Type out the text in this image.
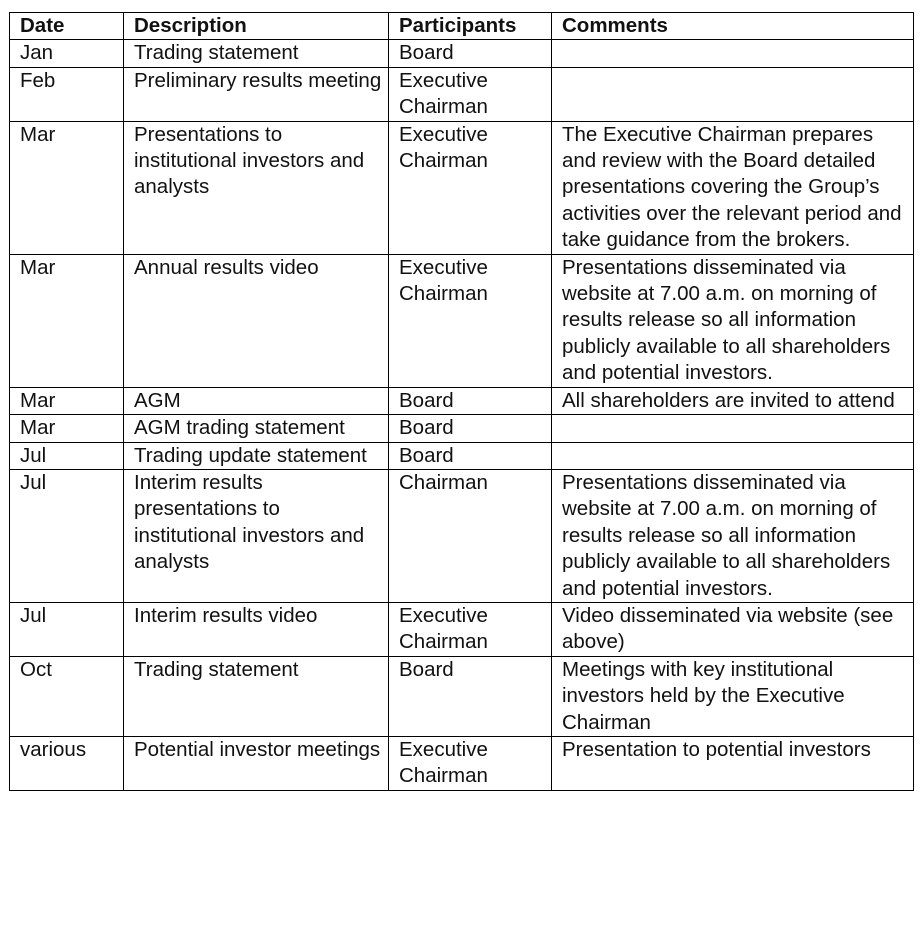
Date	Description	Participants	Comments
Jan	Trading statement	Board	
Feb	Preliminary results meeting	Executive Chairman	
Mar	Presentations to institutional investors and analysts	Executive Chairman	The Executive Chairman prepares and review with the Board detailed presentations covering the Group’s activities over the relevant period and take guidance from the brokers.
Mar	Annual results video	Executive Chairman	Presentations disseminated via website at 7.00 a.m. on morning of results release so all information publicly available to all shareholders and potential investors.
Mar	AGM	Board	All shareholders are invited to attend
Mar	AGM trading statement	Board	
Jul	Trading update statement	Board	
Jul	Interim results presentations to institutional investors and analysts	Chairman	Presentations disseminated via website at 7.00 a.m. on morning of results release so all information publicly available to all shareholders and potential investors.
Jul	Interim results video	Executive Chairman	Video disseminated via website (see above)
Oct	Trading statement	Board	Meetings with key institutional investors held by the Executive Chairman
various	Potential investor meetings	Executive Chairman	Presentation to potential investors
